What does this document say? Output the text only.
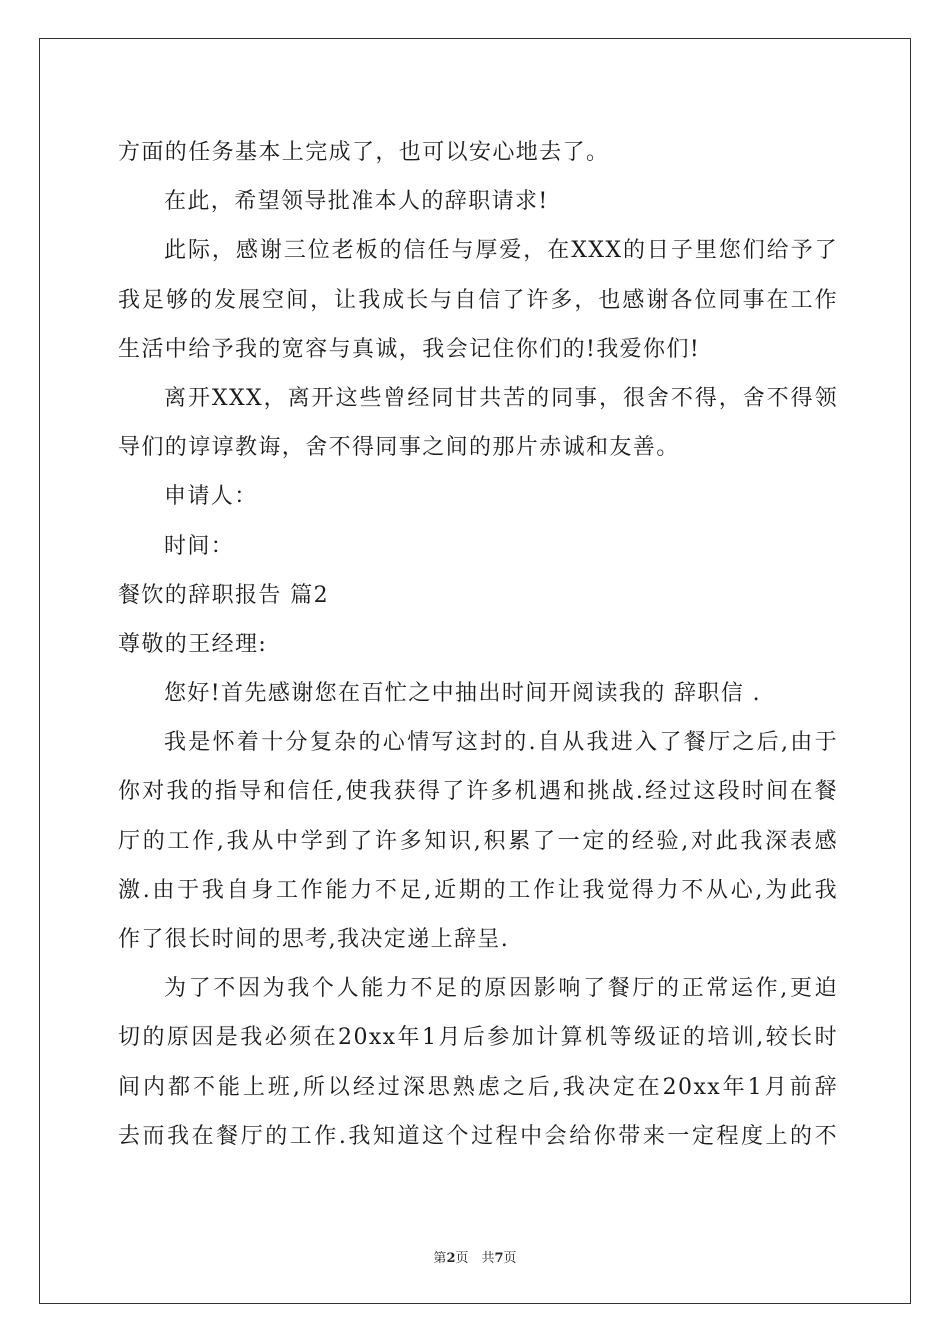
方面的任务基本上完成了，也可以安心地去了。
在此，希望领导批准本人的辞职请求!
此际，感谢三位老板的信任与厚爱，在XXX的日子里您们给予了
我足够的发展空间，让我成长与自信了许多，也感谢各位同事在工作
生活中给予我的宽容与真诚，我会记住你们的!我爱你们!
离开XXX，离开这些曾经同甘共苦的同事，很舍不得，舍不得领
导们的谆谆教诲，舍不得同事之间的那片赤诚和友善。
申请人：
时间：
餐饮的辞职报告 篇2
尊敬的王经理:
您好!首先感谢您在百忙之中抽出时间开阅读我的 辞职信 .
我是怀着十分复杂的心情写这封的.自从我进入了餐厅之后,由于
你对我的指导和信任,使我获得了许多机遇和挑战.经过这段时间在餐
厅的工作,我从中学到了许多知识,积累了一定的经验,对此我深表感
激.由于我自身工作能力不足,近期的工作让我觉得力不从心,为此我
作了很长时间的思考,我决定递上辞呈.
为了不因为我个人能力不足的原因影响了餐厅的正常运作,更迫
切的原因是我必须在20xx年1月后参加计算机等级证的培训,较长时
间内都不能上班,所以经过深思熟虑之后,我决定在20xx年1月前辞
去而我在餐厅的工作.我知道这个过程中会给你带来一定程度上的不
第2页　共7页
